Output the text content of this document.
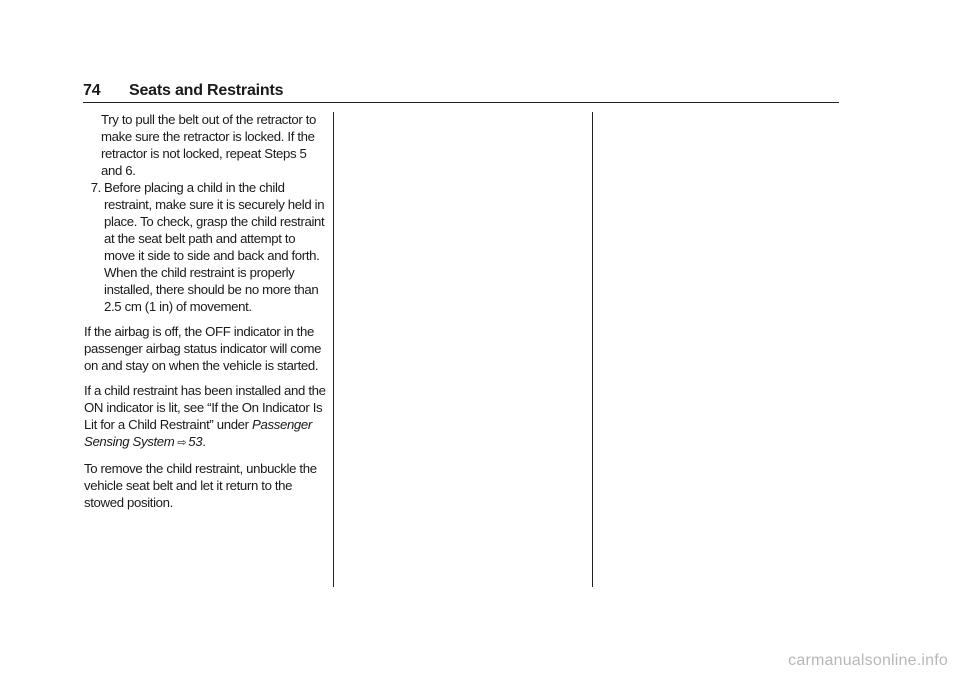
74	Seats and Restraints

Try to pull the belt out of the retractor to make sure the retractor is locked. If the retractor is not locked, repeat Steps 5 and 6.

7. Before placing a child in the child restraint, make sure it is securely held in place. To check, grasp the child restraint at the seat belt path and attempt to move it side to side and back and forth. When the child restraint is properly installed, there should be no more than 2.5 cm (1 in) of movement.

If the airbag is off, the OFF indicator in the passenger airbag status indicator will come on and stay on when the vehicle is started.

If a child restraint has been installed and the ON indicator is lit, see “If the On Indicator Is Lit for a Child Restraint” under Passenger Sensing System ⇨ 53.

To remove the child restraint, unbuckle the vehicle seat belt and let it return to the stowed position.

carmanualsonline.info
